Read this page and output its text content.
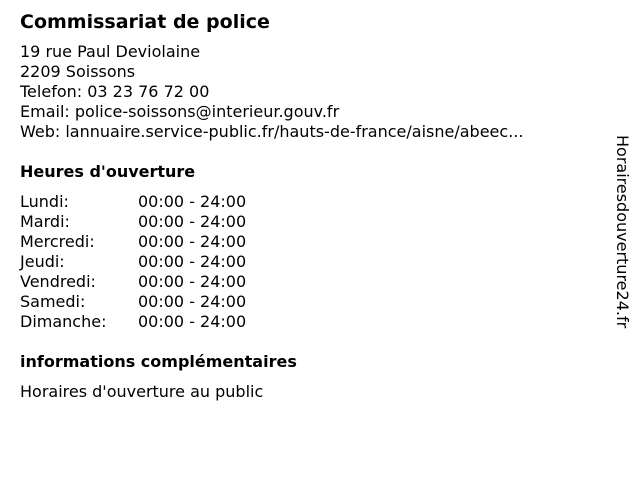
Commissariat de police
19 rue Paul Deviolaine
2209 Soissons
Telefon: 03 23 76 72 00
Email: police-soissons@interieur.gouv.fr
Web: lannuaire.service-public.fr/hauts-de-france/aisne/abeec...
Heures d'ouverture
Lundi:	00:00 - 24:00
Mardi:	00:00 - 24:00
Mercredi:	00:00 - 24:00
Jeudi:	00:00 - 24:00
Vendredi:	00:00 - 24:00
Samedi:	00:00 - 24:00
Dimanche:	00:00 - 24:00
informations complémentaires
Horaires d'ouverture au public
Horairesdouverture24.fr
